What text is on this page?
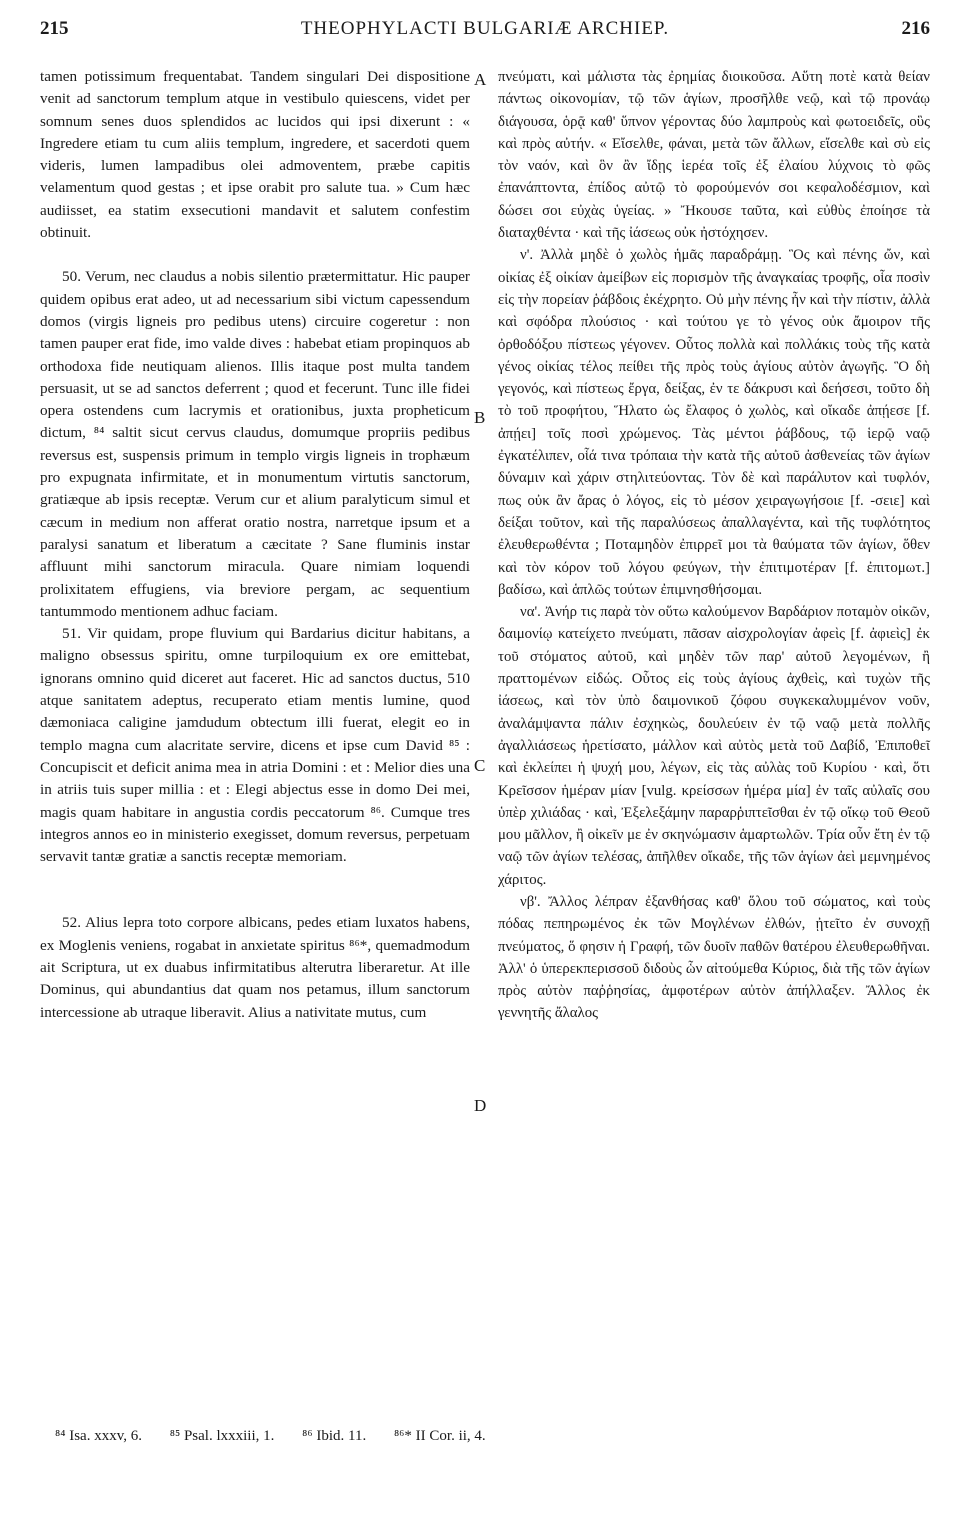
215	THEOPHYLACTI BULGARIÆ ARCHIEP.	216

tamen potissimum frequentabat. Tandem singulari Dei dispositione venit ad sanctorum templum atque in vestibulo quiescens, videt per somnum senes duos splendidos ac lucidos qui ipsi dixerunt : « Ingredere etiam tu cum aliis templum, ingredere, et sacerdoti quem videris, lumen lampadibus olei admoventem, præbe capitis velamentum quod gestas ; et ipse orabit pro salute tua. » Cum hæc audiisset, ea statim exsecutioni mandavit et salutem confestim obtinuit.

50. Verum, nec claudus a nobis silentio prætermittatur. Hic pauper quidem opibus erat adeo, ut ad necessarium sibi victum capessendum domos (virgis ligneis pro pedibus utens) circuire cogeretur : non tamen pauper erat fide, imo valde dives : habebat etiam propinquos ab orthodoxa fide neutiquam alienos. Illis itaque post multa tandem persuasit, ut se ad sanctos deferrent ; quod et fecerunt. Tunc ille fidei opera ostendens cum lacrymis et orationibus, juxta propheticum dictum, ⁸⁴ saltit sicut cervus claudus, domumque propriis pedibus reversus est, suspensis primum in templo virgis ligneis in trophæum pro expugnata infirmitate, et in monumentum virtutis sanctorum, gratiæque ab ipsis receptæ. Verum cur et alium paralyticum simul et cæcum in medium non afferat oratio nostra, narretque ipsum et a paralysi sanatum et liberatum a cæcitate ? Sane fluminis instar affluunt mihi sanctorum miracula. Quare nimiam loquendi prolixitatem effugiens, via breviore pergam, ac sequentium tantummodo mentionem adhuc faciam.

51. Vir quidam, prope fluvium qui Bardarius dicitur habitans, a maligno obsessus spiritu, omne turpiloquium ex ore emittebat, ignorans omnino quid diceret aut faceret. Hic ad sanctos ductus, 510 atque sanitatem adeptus, recuperato etiam mentis lumine, quod dæmoniaca caligine jamdudum obtectum illi fuerat, elegit eo in templo magna cum alacritate servire, dicens et ipse cum David ⁸⁵ : Concupiscit et deficit anima mea in atria Domini : et : Melior dies una in atriis tuis super millia : et : Elegi abjectus esse in domo Dei mei, magis quam habitare in angustia cordis peccatorum ⁸⁶. Cumque tres integros annos eo in ministerio exegisset, domum reversus, perpetuam servavit tantæ gratiæ a sanctis receptæ memoriam.

52. Alius lepra toto corpore albicans, pedes etiam luxatos habens, ex Moglenis veniens, rogabat in anxietate spiritus ⁸⁶*, quemadmodum ait Scriptura, ut ex duabus infirmitatibus alterutra liberaretur. At ille Dominus, qui abundantius dat quam nos petamus, illum sanctorum intercessione ab utraque liberavit. Alius a nativitate mutus, cum

A
B
C
D

πνεύματι, καὶ μάλιστα τὰς ἐρημίας διοικοῦσα. Αὕτη ποτὲ κατὰ θείαν πάντως οἰκονομίαν, τῷ τῶν ἁγίων, προσῆλθε νεῷ, καὶ τῷ προνάῳ διάγουσα, ὁρᾷ καθ' ὕπνον γέροντας δύο λαμπροὺς καὶ φωτοειδεῖς, οὓς καὶ πρὸς αὐτήν. « Εἴσελθε, φάναι, μετὰ τῶν ἄλλων, εἴσελθε καὶ σὺ εἰς τὸν ναόν, καὶ ὃν ἂν ἴδῃς ἱερέα τοῖς ἐξ ἐλαίου λύχνοις τὸ φῶς ἐπανάπτοντα, ἐπίδος αὐτῷ τὸ φορούμενόν σοι κεφαλοδέσμιον, καὶ δώσει σοι εὐχὰς ὑγείας. » Ἤκουσε ταῦτα, καὶ εὐθὺς ἐποίησε τὰ διαταχθέντα · καὶ τῆς ἰάσεως οὐκ ἠστόχησεν.

ν'. Ἀλλὰ μηδὲ ὁ χωλὸς ἡμᾶς παραδράμῃ. Ὃς καὶ πένης ὤν, καὶ οἰκίας ἐξ οἰκίαν ἀμείβων εἰς πορισμὸν τῆς ἀναγκαίας τροφῆς, οἷα ποσὶν εἰς τὴν πορείαν ῥάβδοις ἐκέχρητο. Οὐ μὴν πένης ἦν καὶ τὴν πίστιν, ἀλλὰ καὶ σφόδρα πλούσιος · καὶ τούτου γε τὸ γένος οὐκ ἄμοιρον τῆς ὀρθοδόξου πίστεως γέγονεν. Οὗτος πολλὰ καὶ πολλάκις τοὺς τῆς κατὰ γένος οἰκίας τέλος πείθει τῆς πρὸς τοὺς ἁγίους αὐτὸν ἀγωγῆς. Ὃ δὴ γεγονός, καὶ πίστεως ἔργα, δείξας, ἐν τε δάκρυσι καὶ δεήσεσι, τοῦτο δὴ τὸ τοῦ προφήτου, Ἥλατο ὡς ἔλαφος ὁ χωλὸς, καὶ οἴκαδε ἀπῄεσε [f. ἀπῄει] τοῖς ποσὶ χρώμενος. Τὰς μέντοι ῥάβδους, τῷ ἱερῷ ναῷ ἐγκατέλιπεν, οἷά τινα τρόπαια τὴν κατὰ τῆς αὐτοῦ ἀσθενείας τῶν ἁγίων δύναμιν καὶ χάριν στηλιτεύοντας. Τὸν δὲ καὶ παράλυτον καὶ τυφλόν, πως οὐκ ἂν ἄρας ὁ λόγος, εἰς τὸ μέσον χειραγωγήσοιε [f. -σειε] καὶ δείξαι τοῦτον, καὶ τῆς παραλύσεως ἀπαλλαγέντα, καὶ τῆς τυφλότητος ἐλευθερωθέντα ; Ποταμηδὸν ἐπιρρεῖ μοι τὰ θαύματα τῶν ἁγίων, ὅθεν καὶ τὸν κόρον τοῦ λόγου φεύγων, τὴν ἐπιτιμοτέραν [f. ἐπιτομωτ.] βαδίσω, καὶ ἁπλῶς τούτων ἐπιμνησθήσομαι.

να'. Ἀνήρ τις παρὰ τὸν οὕτω καλούμενον Βαρδάριον ποταμὸν οἰκῶν, δαιμονίῳ κατείχετο πνεύματι, πᾶσαν αἰσχρολογίαν ἀφεὶς [f. ἀφιεὶς] ἐκ τοῦ στόματος αὐτοῦ, καὶ μηδὲν τῶν παρ' αὐτοῦ λεγομένων, ἢ πραττομένων εἰδώς. Οὗτος εἰς τοὺς ἁγίους ἀχθεὶς, καὶ τυχὼν τῆς ἰάσεως, καὶ τὸν ὑπὸ δαιμονικοῦ ζόφου συγκεκαλυμμένον νοῦν, ἀναλάμψαντα πάλιν ἐσχηκὼς, δουλεύειν ἐν τῷ ναῷ μετὰ πολλῆς ἀγαλλιάσεως ἡρετίσατο, μάλλον καὶ αὐτὸς μετὰ τοῦ Δαβίδ, Ἐπιποθεῖ καὶ ἐκλείπει ἡ ψυχή μου, λέγων, εἰς τὰς αὐλὰς τοῦ Κυρίου · καὶ, ὅτι Κρεῖσσον ἡμέραν μίαν [vulg. κρείσσων ἡμέρα μία] ἐν ταῖς αὐλαῖς σου ὑπὲρ χιλιάδας · καὶ, Ἐξελεξάμην παραρῥιπτεῖσθαι ἐν τῷ οἴκῳ τοῦ Θεοῦ μου μᾶλλον, ἢ οἰκεῖν με ἐν σκηνώμασιν ἁμαρτωλῶν. Τρία οὖν ἔτη ἐν τῷ ναῷ τῶν ἁγίων τελέσας, ἀπῆλθεν οἴκαδε, τῆς τῶν ἁγίων ἀεὶ μεμνημένος χάριτος.

νβ'. Ἄλλος λέπραν ἐξανθήσας καθ' ὅλου τοῦ σώματος, καὶ τοὺς πόδας πεπηρωμένος ἐκ τῶν Μογλένων ἐλθών, ᾐτεῖτο ἐν συνοχῇ πνεύματος, ὅ φησιν ἡ Γραφή, τῶν δυοῖν παθῶν θατέρου ἐλευθερωθῆναι. Ἀλλ' ὁ ὑπερεκπερισσοῦ διδοὺς ὧν αἰτούμεθα Κύριος, διὰ τῆς τῶν ἁγίων πρὸς αὐτὸν παῤῥησίας, ἀμφοτέρων αὐτὸν ἀπήλλαξεν. Ἄλλος ἐκ γεννητῆς ἄλαλος

⁸⁴ Isa. xxxv, 6. ⁸⁵ Psal. lxxxiii, 1. ⁸⁶ Ibid. 11. ⁸⁶* II Cor. ii, 4.
